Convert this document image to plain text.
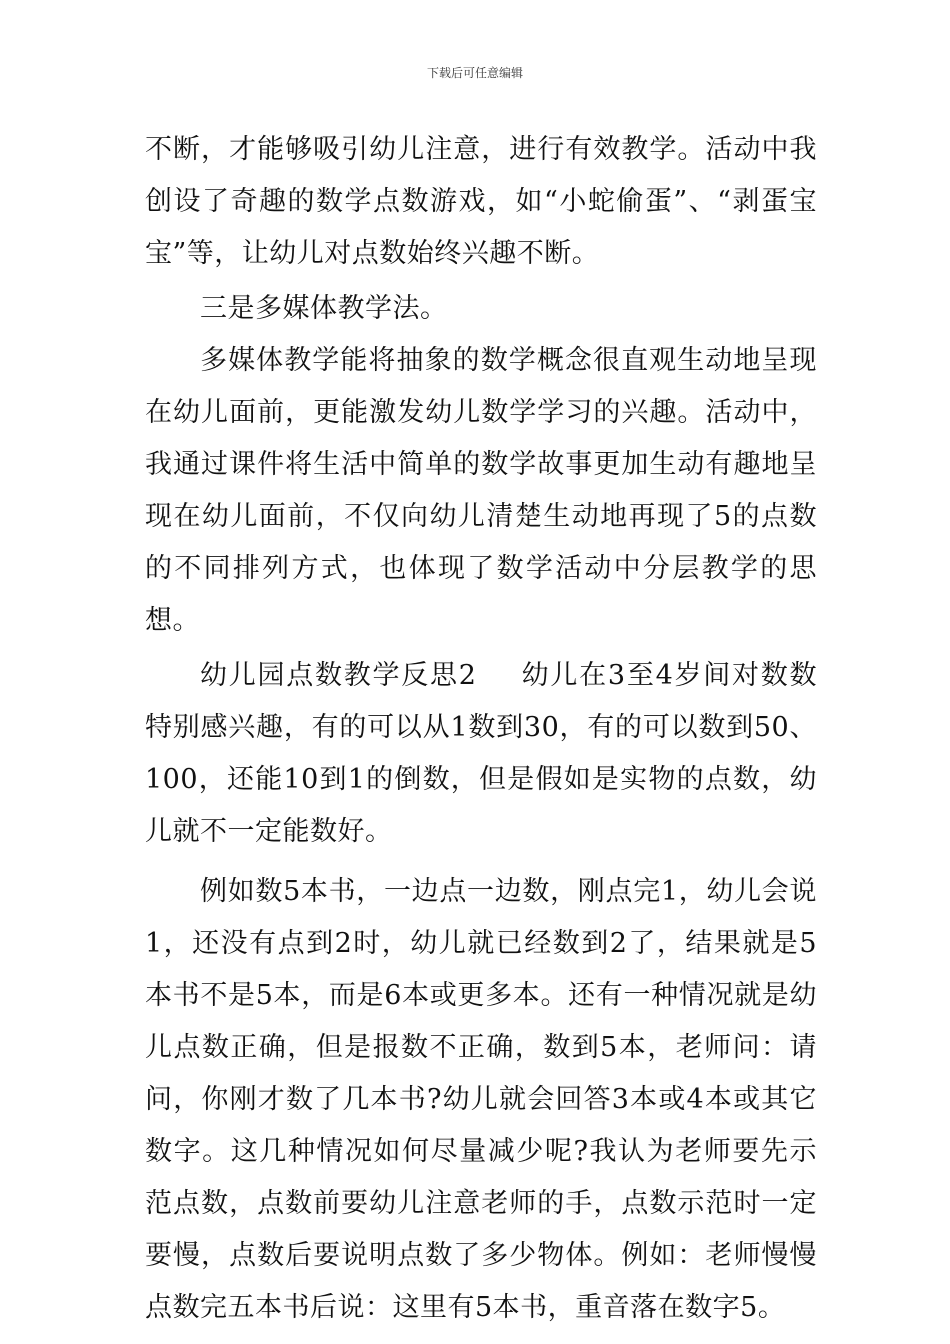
下载后可任意编辑

不断，才能够吸引幼儿注意，进行有效教学。活动中我创设了奇趣的数学点数游戏，如“小蛇偷蛋”、“剥蛋宝宝”等，让幼儿对点数始终兴趣不断。

三是多媒体教学法。

多媒体教学能将抽象的数学概念很直观生动地呈现在幼儿面前，更能激发幼儿数学学习的兴趣。活动中，我通过课件将生活中简单的数学故事更加生动有趣地呈现在幼儿面前，不仅向幼儿清楚生动地再现了5的点数的不同排列方式，也体现了数学活动中分层教学的思想。

幼儿园点数教学反思2 幼儿在3至4岁间对数数特别感兴趣，有的可以从1数到30，有的可以数到50、100，还能10到1的倒数，但是假如是实物的点数，幼儿就不一定能数好。

例如数5本书，一边点一边数，刚点完1，幼儿会说1，还没有点到2时，幼儿就已经数到2了，结果就是5本书不是5本，而是6本或更多本。还有一种情况就是幼儿点数正确，但是报数不正确，数到5本，老师问：请问，你刚才数了几本书?幼儿就会回答3本或4本或其它数字。这几种情况如何尽量减少呢?我认为老师要先示范点数，点数前要幼儿注意老师的手，点数示范时一定要慢，点数后要说明点数了多少物体。例如：老师慢慢点数完五本书后说：这里有5本书，重音落在数字5。
